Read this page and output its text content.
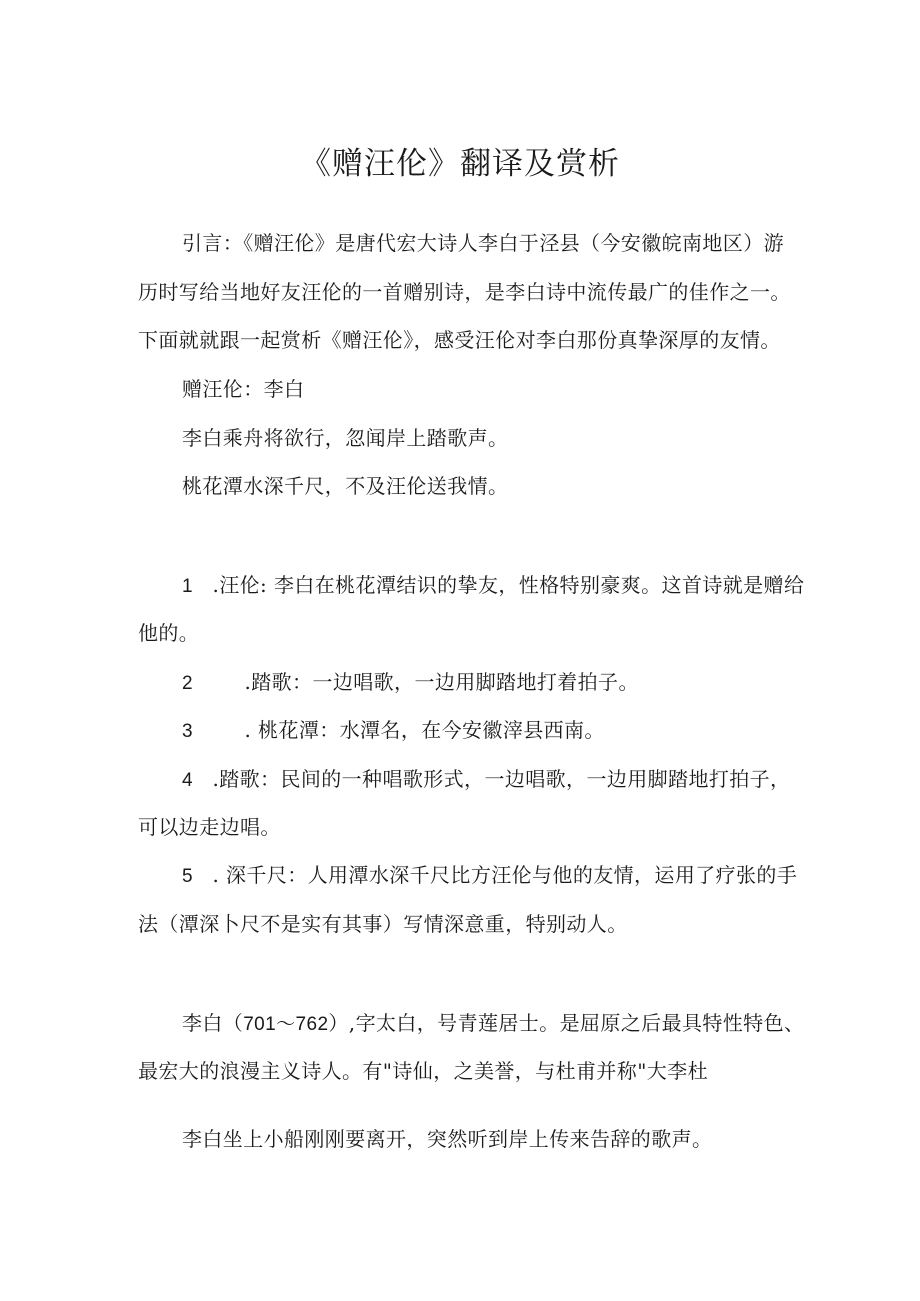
《赠汪伦》翻译及赏析
引言：《赠汪伦》是唐代宏大诗人李白于泾县（今安徽皖南地区）游
历时写给当地好友汪伦的一首赠别诗，是李白诗中流传最广的佳作之一。
下面就就跟一起赏析《赠汪伦》，感受汪伦对李白那份真挚深厚的友情。
赠汪伦：李白
李白乘舟将欲行，忽闻岸上踏歌声。
桃花潭水深千尺，不及汪伦送我情。
1 .汪伦: 李白在桃花潭结识的挚友，性格特别豪爽。这首诗就是赠给
他的。
2	.踏歌：一边唱歌，一边用脚踏地打着拍子。
3	. 桃花潭：水潭名，在今安徽滓县西南。
4 .踏歌：民间的一种唱歌形式，一边唱歌，一边用脚踏地打拍子，
可以边走边唱。
5 . 深千尺：人用潭水深千尺比方汪伦与他的友情，运用了疗张的手
法（潭深卜尺不是实有其事）写情深意重，特别动人。
李白（701～762）,字太白，号青莲居士。是屈原之后最具特性特色、
最宏大的浪漫主义诗人。有"诗仙，之美誉，与杜甫并称"大李杜
李白坐上小船刚刚要离开，突然听到岸上传来告辞的歌声。
